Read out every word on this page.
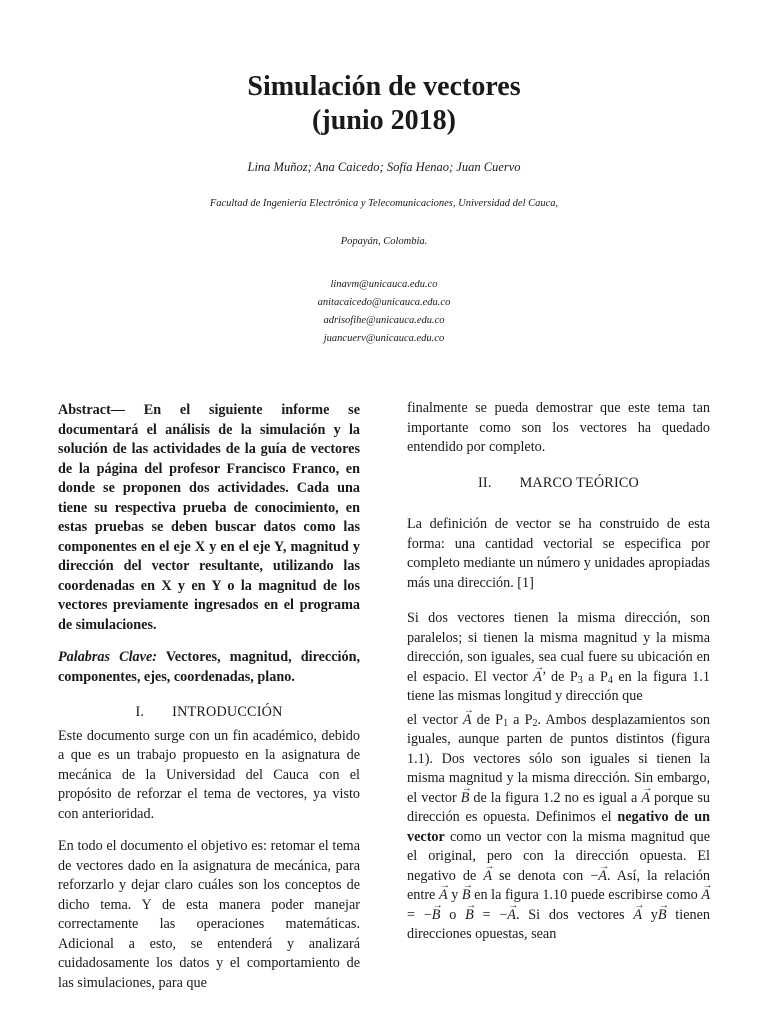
Simulación de vectores
(junio 2018)
Lina Muñoz; Ana Caicedo; Sofía Henao; Juan Cuervo
Facultad de Ingeniería Electrónica y Telecomunicaciones, Universidad del Cauca,
Popayán, Colombia.
linavm@unicauca.edu.co
anitacaicedo@unicauca.edu.co
adrisofihe@unicauca.edu.co
juancuerv@unicauca.edu.co

Abstract— En el siguiente informe se documentará el análisis de la simulación y la solución de las actividades de la guía de vectores de la página del profesor Francisco Franco, en donde se proponen dos actividades. Cada una tiene su respectiva prueba de conocimiento, en estas pruebas se deben buscar datos como las componentes en el eje X y en el eje Y, magnitud y dirección del vector resultante, utilizando las coordenadas en X y en Y o la magnitud de los vectores previamente ingresados en el programa de simulaciones.

Palabras Clave: Vectores, magnitud, dirección, componentes, ejes, coordenadas, plano.

I. INTRODUCCIÓN

Este documento surge con un fin académico, debido a que es un trabajo propuesto en la asignatura de mecánica de la Universidad del Cauca con el propósito de reforzar el tema de vectores, ya visto con anterioridad.

En todo el documento el objetivo es: retomar el tema de vectores dado en la asignatura de mecánica, para reforzarlo y dejar claro cuáles son los conceptos de dicho tema. Y de esta manera poder manejar correctamente las operaciones matemáticas. Adicional a esto, se entenderá y analizará cuidadosamente los datos y el comportamiento de las simulaciones, para que

finalmente se pueda demostrar que este tema tan importante como son los vectores ha quedado entendido por completo.

II. MARCO TEÓRICO

La definición de vector se ha construido de esta forma: una cantidad vectorial se especifica por completo mediante un número y unidades apropiadas más una dirección. [1]

Si dos vectores tienen la misma dirección, son paralelos; si tienen la misma magnitud y la misma dirección, son iguales, sea cual fuere su ubicación en el espacio. El vector → A’ de $P_3$ a $P_4$ en la figura 1.1 tiene las mismas longitud y dirección que

el vector → A de $P_1$ a $P_2$. Ambos desplazamientos son iguales, aunque parten de puntos distintos (figura 1.1). Dos vectores sólo son iguales si tienen la misma magnitud y la misma dirección. Sin embargo, el vector → B de la figura 1.2 no es igual a → A porque su dirección es opuesta. Definimos el negativo de un vector como un vector con la misma magnitud que el original, pero con la dirección opuesta. El negativo de → A se denota con −→ A. Así, la relación entre → A y → B en la figura 1.10 puede escribirse como → A = −→ B o → B = −→ A. Si dos vectores → A y→ B tienen direcciones opuestas, sean
